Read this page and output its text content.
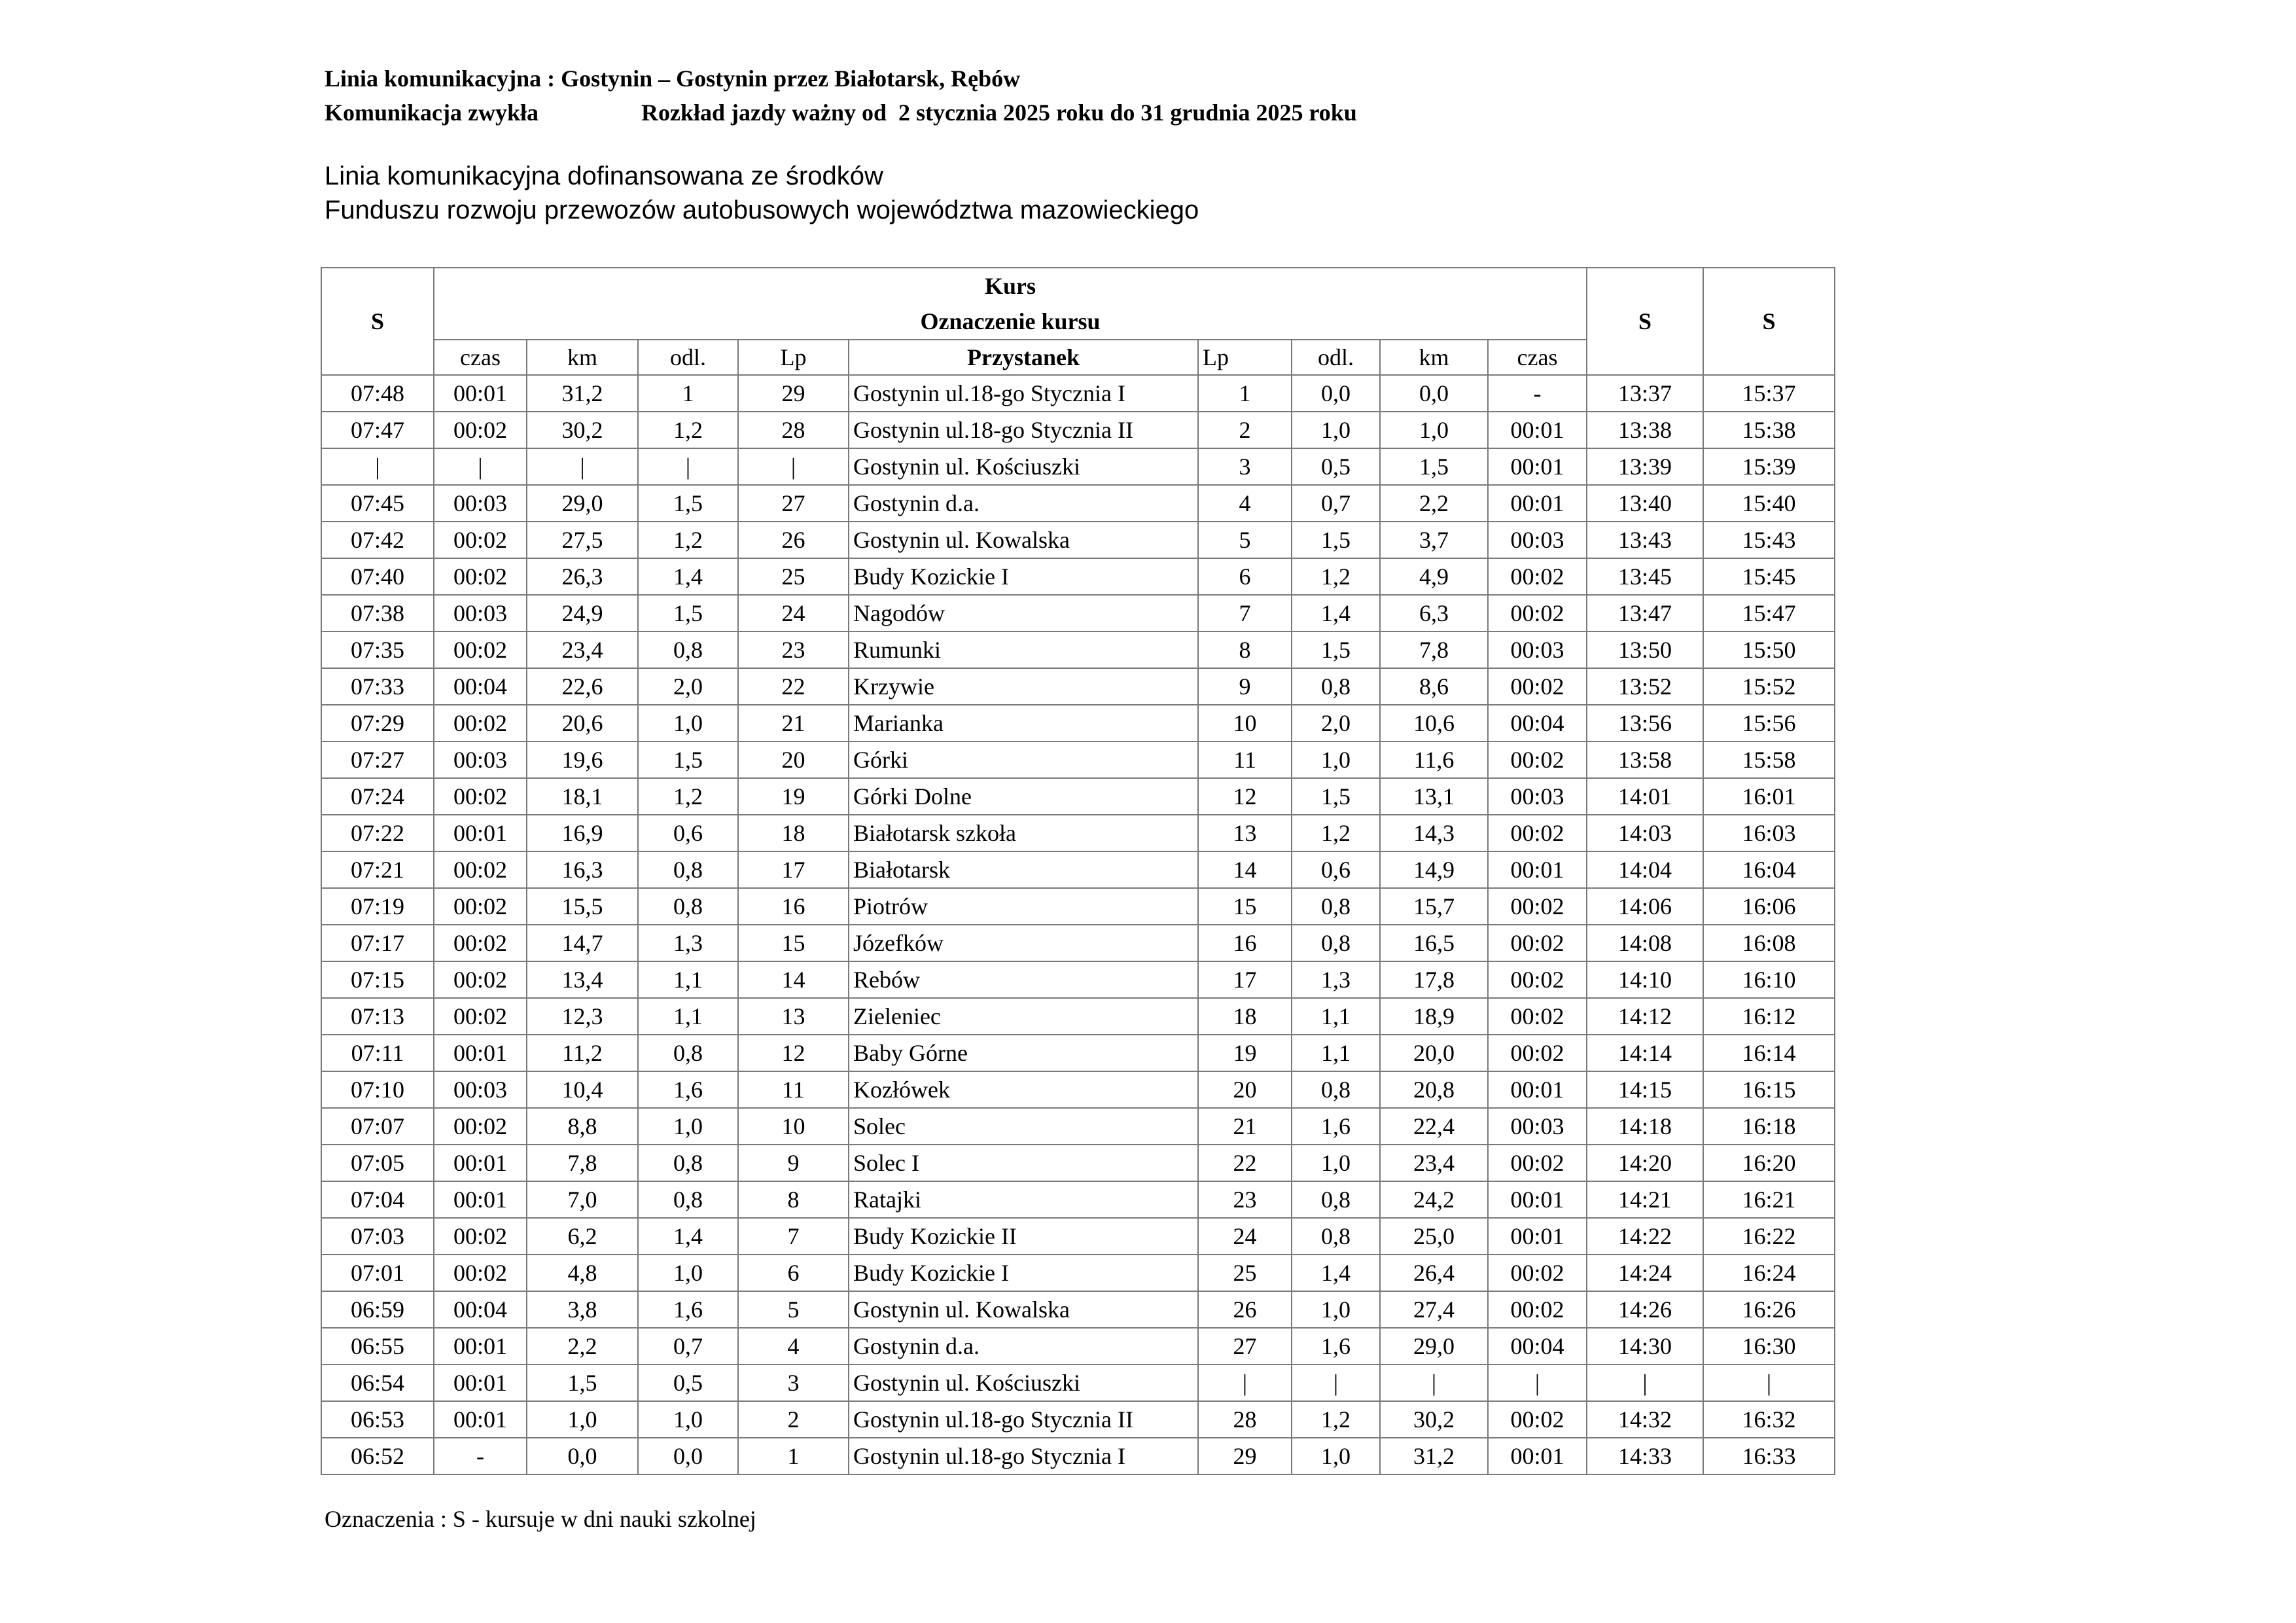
Linia komunikacyjna : Gostynin – Gostynin przez Białotarsk, Rębów
Komunikacja zwykła	Rozkład jazdy ważny od  2 stycznia 2025 roku do 31 grudnia 2025 roku
Linia komunikacyjna dofinansowana ze środków
Funduszu rozwoju przewozów autobusowych województwa mazowieckiego
S	Kurs									S	S
	Oznaczenie kursu										
	czas	km	odl.	Lp	Przystanek	Lp	odl.	km	czas		
07:48	00:01	31,2	1	29	Gostynin ul.18-go Stycznia I	1	0,0	0,0	-	13:37	15:37
07:47	00:02	30,2	1,2	28	Gostynin ul.18-go Stycznia II	2	1,0	1,0	00:01	13:38	15:38
|	|	|	|	|	Gostynin ul. Kościuszki	3	0,5	1,5	00:01	13:39	15:39
07:45	00:03	29,0	1,5	27	Gostynin d.a.	4	0,7	2,2	00:01	13:40	15:40
07:42	00:02	27,5	1,2	26	Gostynin ul. Kowalska	5	1,5	3,7	00:03	13:43	15:43
07:40	00:02	26,3	1,4	25	Budy Kozickie I	6	1,2	4,9	00:02	13:45	15:45
07:38	00:03	24,9	1,5	24	Nagodów	7	1,4	6,3	00:02	13:47	15:47
07:35	00:02	23,4	0,8	23	Rumunki	8	1,5	7,8	00:03	13:50	15:50
07:33	00:04	22,6	2,0	22	Krzywie	9	0,8	8,6	00:02	13:52	15:52
07:29	00:02	20,6	1,0	21	Marianka	10	2,0	10,6	00:04	13:56	15:56
07:27	00:03	19,6	1,5	20	Górki	11	1,0	11,6	00:02	13:58	15:58
07:24	00:02	18,1	1,2	19	Górki Dolne	12	1,5	13,1	00:03	14:01	16:01
07:22	00:01	16,9	0,6	18	Białotarsk szkoła	13	1,2	14,3	00:02	14:03	16:03
07:21	00:02	16,3	0,8	17	Białotarsk	14	0,6	14,9	00:01	14:04	16:04
07:19	00:02	15,5	0,8	16	Piotrów	15	0,8	15,7	00:02	14:06	16:06
07:17	00:02	14,7	1,3	15	Józefków	16	0,8	16,5	00:02	14:08	16:08
07:15	00:02	13,4	1,1	14	Rebów	17	1,3	17,8	00:02	14:10	16:10
07:13	00:02	12,3	1,1	13	Zieleniec	18	1,1	18,9	00:02	14:12	16:12
07:11	00:01	11,2	0,8	12	Baby Górne	19	1,1	20,0	00:02	14:14	16:14
07:10	00:03	10,4	1,6	11	Kozłówek	20	0,8	20,8	00:01	14:15	16:15
07:07	00:02	8,8	1,0	10	Solec	21	1,6	22,4	00:03	14:18	16:18
07:05	00:01	7,8	0,8	9	Solec I	22	1,0	23,4	00:02	14:20	16:20
07:04	00:01	7,0	0,8	8	Ratajki	23	0,8	24,2	00:01	14:21	16:21
07:03	00:02	6,2	1,4	7	Budy Kozickie II	24	0,8	25,0	00:01	14:22	16:22
07:01	00:02	4,8	1,0	6	Budy Kozickie I	25	1,4	26,4	00:02	14:24	16:24
06:59	00:04	3,8	1,6	5	Gostynin ul. Kowalska	26	1,0	27,4	00:02	14:26	16:26
06:55	00:01	2,2	0,7	4	Gostynin d.a.	27	1,6	29,0	00:04	14:30	16:30
06:54	00:01	1,5	0,5	3	Gostynin ul. Kościuszki	|	|	|	|	|	|
06:53	00:01	1,0	1,0	2	Gostynin ul.18-go Stycznia II	28	1,2	30,2	00:02	14:32	16:32
06:52	-	0,0	0,0	1	Gostynin ul.18-go Stycznia I	29	1,0	31,2	00:01	14:33	16:33
Oznaczenia : S - kursuje w dni nauki szkolnej
